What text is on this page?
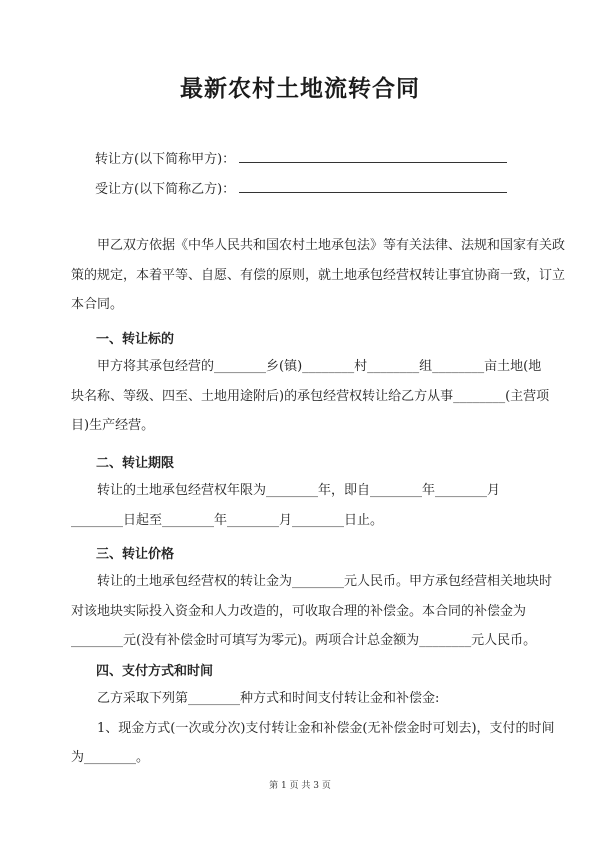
最新农村土地流转合同
转让方(以下简称甲方)：
受让方(以下简称乙方)：
甲乙双方依据《中华人民共和国农村土地承包法》等有关法律、法规和国家有关政
策的规定，本着平等、自愿、有偿的原则，就土地承包经营权转让事宜协商一致，订立
本合同。
一、转让标的
甲方将其承包经营的________乡(镇)________村________组________亩土地(地
块名称、等级、四至、土地用途附后)的承包经营权转让给乙方从事________(主营项
目)生产经营。
二、转让期限
转让的土地承包经营权年限为________年，即自________年________月
________日起至________年________月________日止。
三、转让价格
转让的土地承包经营权的转让金为________元人民币。甲方承包经营相关地块时
对该地块实际投入资金和人力改造的，可收取合理的补偿金。本合同的补偿金为
________元(没有补偿金时可填写为零元)。两项合计总金额为________元人民币。
四、支付方式和时间
乙方采取下列第________种方式和时间支付转让金和补偿金:
1、现金方式(一次或分次)支付转让金和补偿金(无补偿金时可划去)，支付的时间
为________。
第 1 页 共 3 页
